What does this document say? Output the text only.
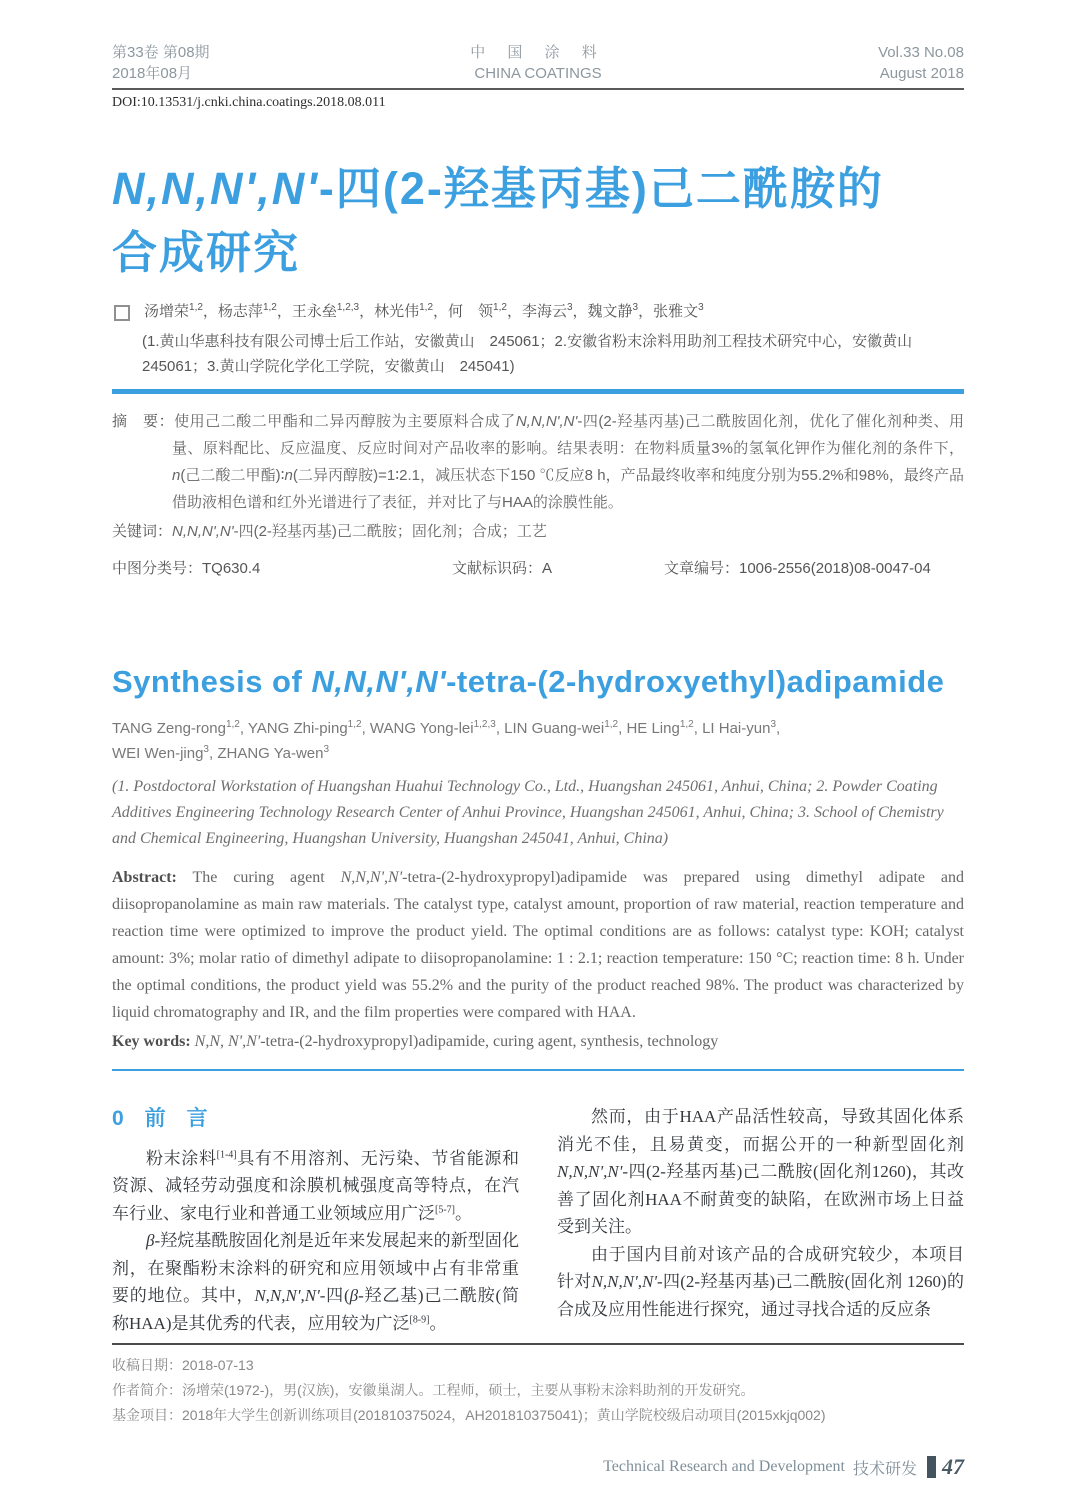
第33卷 第08期
2018年08月
中 国 涂 料
CHINA COATINGS
Vol.33 No.08
August 2018
DOI:10.13531/j.cnki.china.coatings.2018.08.011
N,N,N',N'-四(2-羟基丙基)己二酰胺的
合成研究
汤增荣$^{1,2}$，杨志萍$^{1,2}$，王永垒$^{1,2,3}$，林光伟$^{1,2}$，何　领$^{1,2}$，李海云$^3$，魏文静$^3$，张雅文$^3$
(1.黄山华惠科技有限公司博士后工作站，安徽黄山　245061；2.安徽省粉末涂料用助剂工程技术研究中心，安徽黄山　245061；3.黄山学院化学化工学院，安徽黄山　245041)
摘　要：使用己二酸二甲酯和二异丙醇胺为主要原料合成了N,N,N',N'-四(2-羟基丙基)己二酰胺固化剂，优化了催化剂种类、用量、原料配比、反应温度、反应时间对产品收率的影响。结果表明：在物料质量3%的氢氧化钾作为催化剂的条件下，n(己二酸二甲酯)∶n(二异丙醇胺)=1∶2.1，减压状态下150 ℃反应8 h，产品最终收率和纯度分别为55.2%和98%，最终产品借助液相色谱和红外光谱进行了表征，并对比了与HAA的涂膜性能。
关键词：N,N,N',N'-四(2-羟基丙基)己二酰胺；固化剂；合成；工艺
中图分类号：TQ630.4	文献标识码：A	文章编号：1006-2556(2018)08-0047-04
Synthesis of N,N,N',N'-tetra-(2-hydroxyethyl)adipamide
TANG Zeng-rong$^{1,2}$, YANG Zhi-ping$^{1,2}$, WANG Yong-lei$^{1,2,3}$, LIN Guang-wei$^{1,2}$, HE Ling$^{1,2}$, LI Hai-yun$^3$,
WEI Wen-jing$^3$, ZHANG Ya-wen$^3$
(1. Postdoctoral Workstation of Huangshan Huahui Technology Co., Ltd., Huangshan 245061, Anhui, China; 2. Powder Coating Additives Engineering Technology Research Center of Anhui Province, Huangshan 245061, Anhui, China; 3. School of Chemistry and Chemical Engineering, Huangshan University, Huangshan 245041, Anhui, China)
Abstract: The curing agent N,N,N',N'-tetra-(2-hydroxypropyl)adipamide was prepared using dimethyl adipate and diisopropanolamine as main raw materials. The catalyst type, catalyst amount, proportion of raw material, reaction temperature and reaction time were optimized to improve the product yield. The optimal conditions are as follows: catalyst type: KOH; catalyst amount: 3%; molar ratio of dimethyl adipate to diisopropanolamine: 1 : 2.1; reaction temperature: 150 °C; reaction time: 8 h. Under the optimal conditions, the product yield was 55.2% and the purity of the product reached 98%. The product was characterized by liquid chromatography and IR, and the film properties were compared with HAA.
Key words: N,N, N',N'-tetra-(2-hydroxypropyl)adipamide, curing agent, synthesis, technology
0　前　言

粉末涂料[1-4]具有不用溶剂、无污染、节省能源和资源、减轻劳动强度和涂膜机械强度高等特点，在汽车行业、家电行业和普通工业领域应用广泛[5-7]。

β-羟烷基酰胺固化剂是近年来发展起来的新型固化剂，在聚酯粉末涂料的研究和应用领域中占有非常重要的地位。其中，N,N,N',N'-四(β-羟乙基)己二酰胺(简称HAA)是其优秀的代表，应用较为广泛[8-9]。

然而，由于HAA产品活性较高，导致其固化体系消光不佳，且易黄变，而据公开的一种新型固化剂N,N,N',N'-四(2-羟基丙基)己二酰胺(固化剂1260)，其改善了固化剂HAA不耐黄变的缺陷，在欧洲市场上日益受到关注。

由于国内目前对该产品的合成研究较少，本项目针对N,N,N',N'-四(2-羟基丙基)己二酰胺(固化剂 1260)的合成及应用性能进行探究，通过寻找合适的反应条

收稿日期：2018-07-13
作者简介：汤增荣(1972-)，男(汉族)，安徽巢湖人。工程师，硕士，主要从事粉末涂料助剂的开发研究。
基金项目：2018年大学生创新训练项目(201810375024，AH201810375041)；黄山学院校级启动项目(2015xkjq002)
Technical Research and Development 技术研发 47
